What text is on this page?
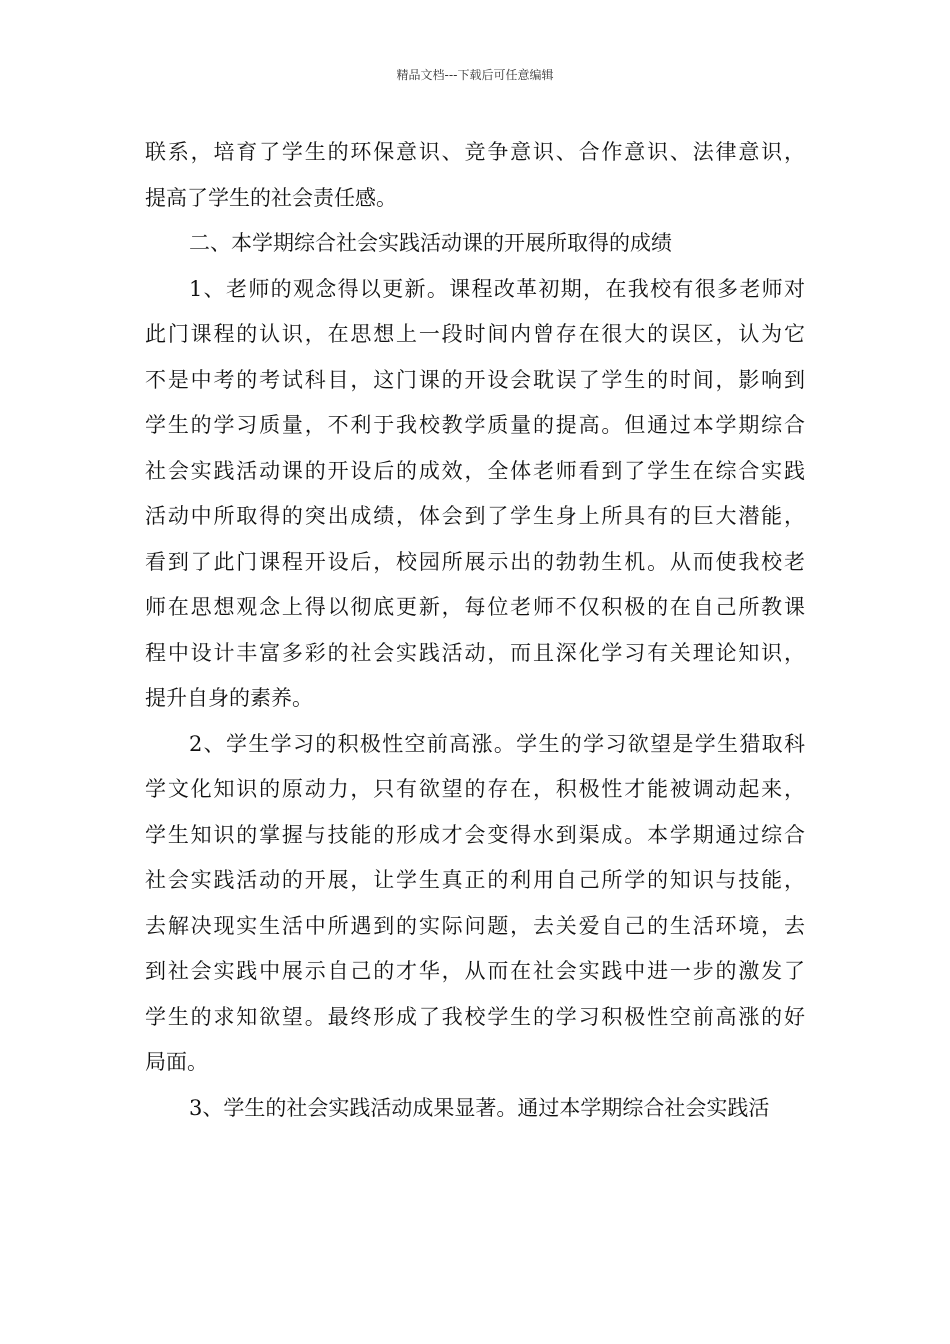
精品文档---下载后可任意编辑
联系，培育了学生的环保意识、竞争意识、合作意识、法律意识，
提高了学生的社会责任感。
二、本学期综合社会实践活动课的开展所取得的成绩
1、老师的观念得以更新。课程改革初期，在我校有很多老师对
此门课程的认识，在思想上一段时间内曾存在很大的误区，认为它
不是中考的考试科目，这门课的开设会耽误了学生的时间，影响到
学生的学习质量，不利于我校教学质量的提高。但通过本学期综合
社会实践活动课的开设后的成效，全体老师看到了学生在综合实践
活动中所取得的突出成绩，体会到了学生身上所具有的巨大潜能，
看到了此门课程开设后，校园所展示出的勃勃生机。从而使我校老
师在思想观念上得以彻底更新，每位老师不仅积极的在自己所教课
程中设计丰富多彩的社会实践活动，而且深化学习有关理论知识，
提升自身的素养。
2、学生学习的积极性空前高涨。学生的学习欲望是学生猎取科
学文化知识的原动力，只有欲望的存在，积极性才能被调动起来，
学生知识的掌握与技能的形成才会变得水到渠成。本学期通过综合
社会实践活动的开展，让学生真正的利用自己所学的知识与技能，
去解决现实生活中所遇到的实际问题，去关爱自己的生活环境，去
到社会实践中展示自己的才华，从而在社会实践中进一步的激发了
学生的求知欲望。最终形成了我校学生的学习积极性空前高涨的好
局面。
3、学生的社会实践活动成果显著。通过本学期综合社会实践活
